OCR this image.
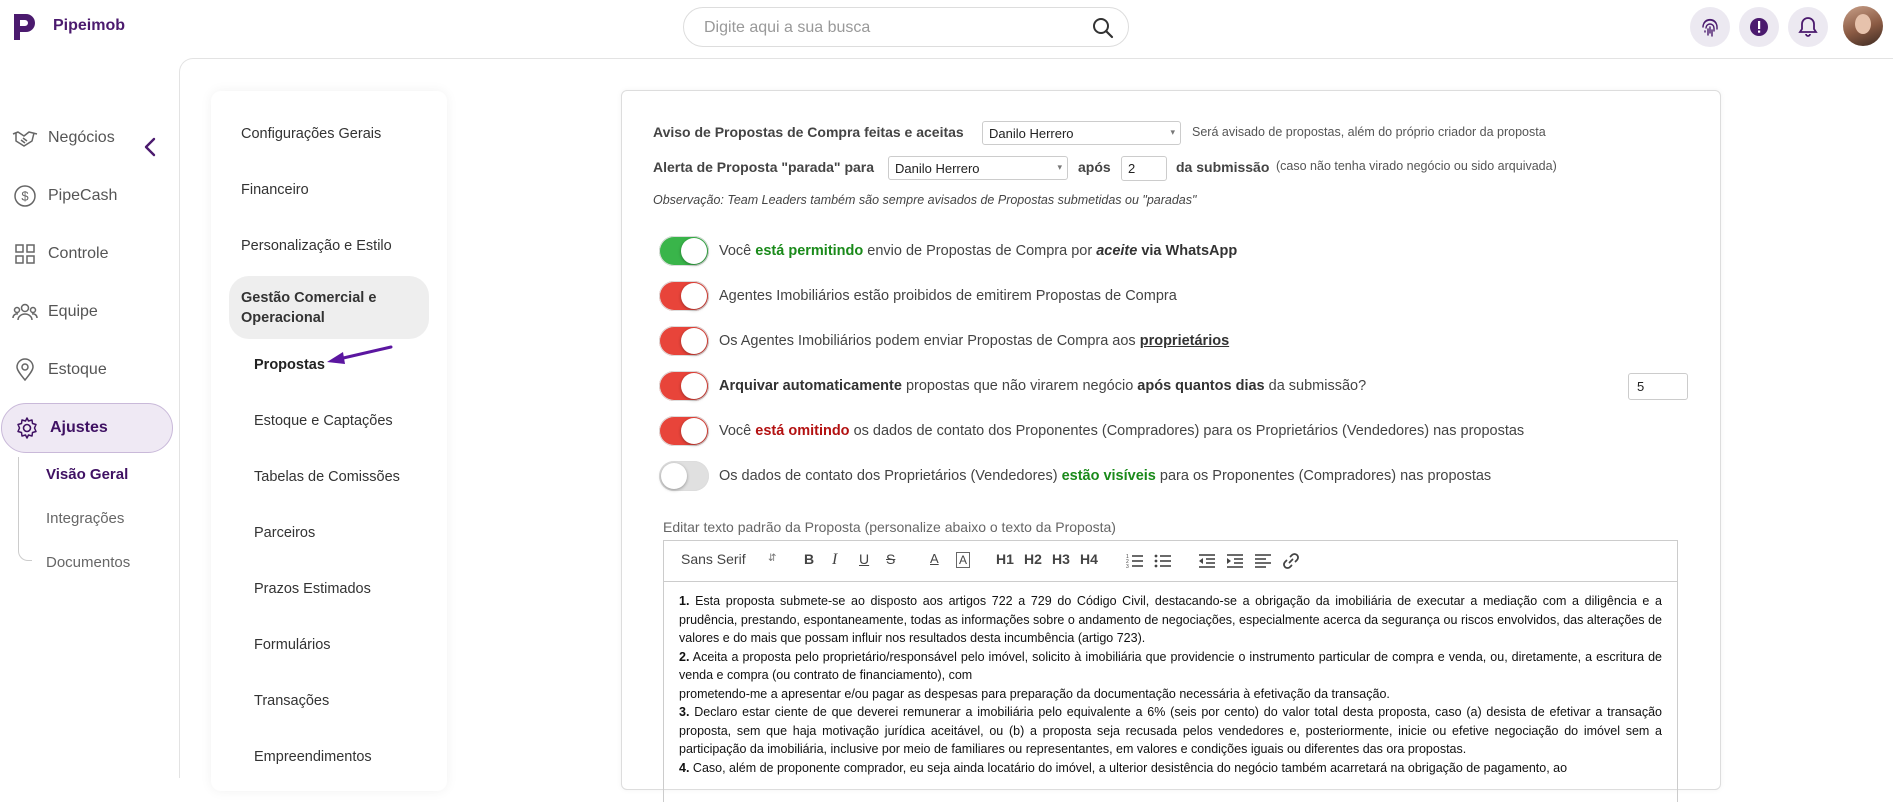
Pipeimob
Digite aqui a sua busca
Negócios
$ PipeCash
Controle
Equipe
Estoque
Ajustes
Visão Geral
Integrações
Documentos
Configurações Gerais
Financeiro
Personalização e Estilo
Gestão Comercial e Operacional
Propostas
Estoque e Captações
Tabelas de Comissões
Parceiros
Prazos Estimados
Formulários
Transações
Empreendimentos
Aviso de Propostas de Compra feitas e aceitas	Danilo Herrero	▾ Será avisado de propostas, além do próprio criador da proposta
Alerta de Proposta "parada" para	Danilo Herrero	▾ após	2	da submissão (caso não tenha virado negócio ou sido arquivada)
Observação: Team Leaders também são sempre avisados de Propostas submetidas ou "paradas"
Você está permitindo envio de Propostas de Compra por aceite via WhatsApp
Agentes Imobiliários estão proibidos de emitirem Propostas de Compra
Os Agentes Imobiliários podem enviar Propostas de Compra aos proprietários
Arquivar automaticamente propostas que não virarem negócio após quantos dias da submissão?	5
Você está omitindo os dados de contato dos Proponentes (Compradores) para os Proprietários (Vendedores) nas propostas
Os dados de contato dos Proprietários (Vendedores) estão visíveis para os Proponentes (Compradores) nas propostas
Editar texto padrão da Proposta (personalize abaixo o texto da Proposta)
Sans Serif ⇵ B I U S	A A H1 H2 H3 H4	1
2
3

1. Esta proposta submete-se ao disposto aos artigos 722 a 729 do Código Civil, destacando-se a obrigação da imobiliária de executar a mediação com a diligência e a prudência, prestando, espontaneamente, todas as informações sobre o andamento de negociações, especialmente acerca da segurança ou riscos envolvidos, das alterações de valores e do mais que possam influir nos resultados desta incumbência (artigo 723).

2. Aceita a proposta pelo proprietário/responsável pelo imóvel, solicito à imobiliária que providencie o instrumento particular de compra e venda, ou, diretamente, a escritura de venda e compra (ou contrato de financiamento), com

prometendo-me a apresentar e/ou pagar as despesas para preparação da documentação necessária à efetivação da transação.

3. Declaro estar ciente de que deverei remunerar a imobiliária pelo equivalente a 6% (seis por cento) do valor total desta proposta, caso (a) desista de efetivar a transação proposta, sem que haja motivação jurídica aceitável, ou (b) a proposta seja recusada pelos vendedores e, posteriormente, inicie ou efetive negociação do imóvel sem a participação da imobiliária, inclusive por meio de familiares ou representantes, em valores e condições iguais ou diferentes das ora propostas.

4. Caso, além de proponente comprador, eu seja ainda locatário do imóvel, a ulterior desistência do negócio também acarretará na obrigação de pagamento, ao
